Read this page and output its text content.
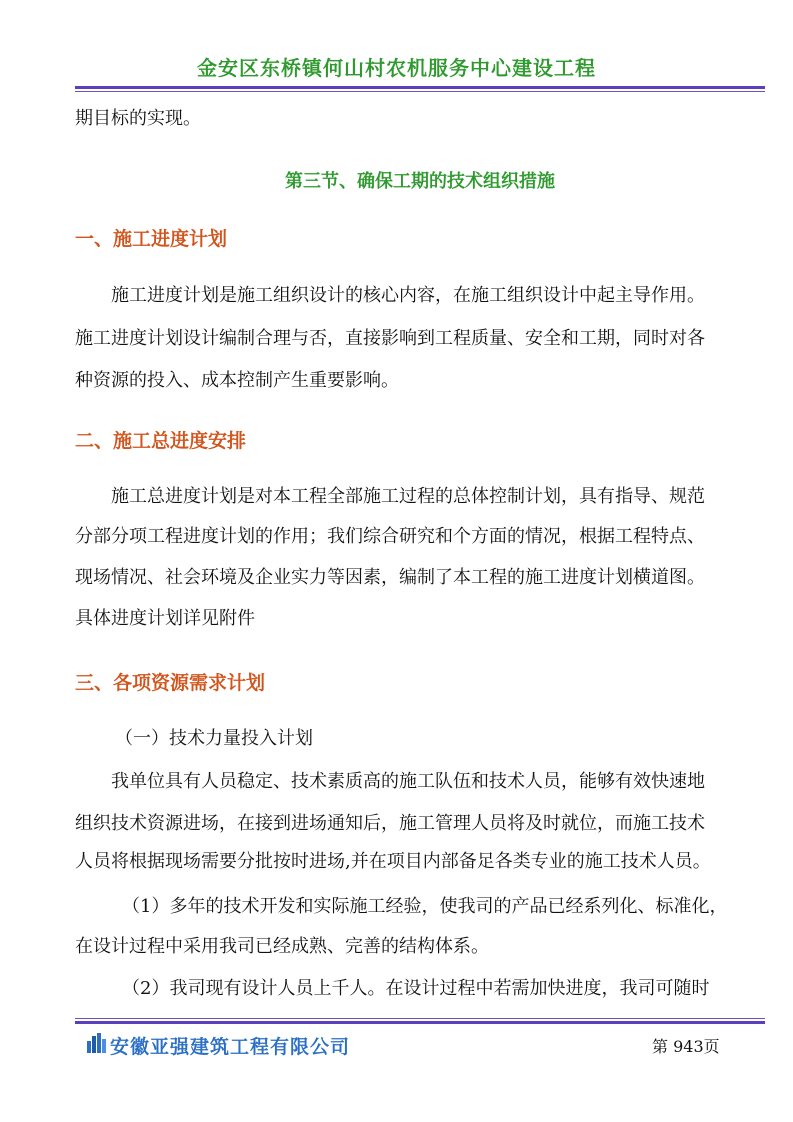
金安区东桥镇何山村农机服务中心建设工程
期目标的实现。
第三节、确保工期的技术组织措施
一、施工进度计划
施工进度计划是施工组织设计的核心内容，在施工组织设计中起主导作用。
施工进度计划设计编制合理与否，直接影响到工程质量、安全和工期，同时对各
种资源的投入、成本控制产生重要影响。
二、施工总进度安排
施工总进度计划是对本工程全部施工过程的总体控制计划，具有指导、规范
分部分项工程进度计划的作用；我们综合研究和个方面的情况，根据工程特点、
现场情况、社会环境及企业实力等因素，编制了本工程的施工进度计划横道图。
具体进度计划详见附件
三、各项资源需求计划
（一）技术力量投入计划
我单位具有人员稳定、技术素质高的施工队伍和技术人员，能够有效快速地
组织技术资源进场，在接到进场通知后，施工管理人员将及时就位，而施工技术
人员将根据现场需要分批按时进场,并在项目内部备足各类专业的施工技术人员。
（1）多年的技术开发和实际施工经验，使我司的产品已经系列化、标准化，
在设计过程中采用我司已经成熟、完善的结构体系。
（2）我司现有设计人员上千人。在设计过程中若需加快进度，我司可随时
安徽亚强建筑工程有限公司	第 943页
